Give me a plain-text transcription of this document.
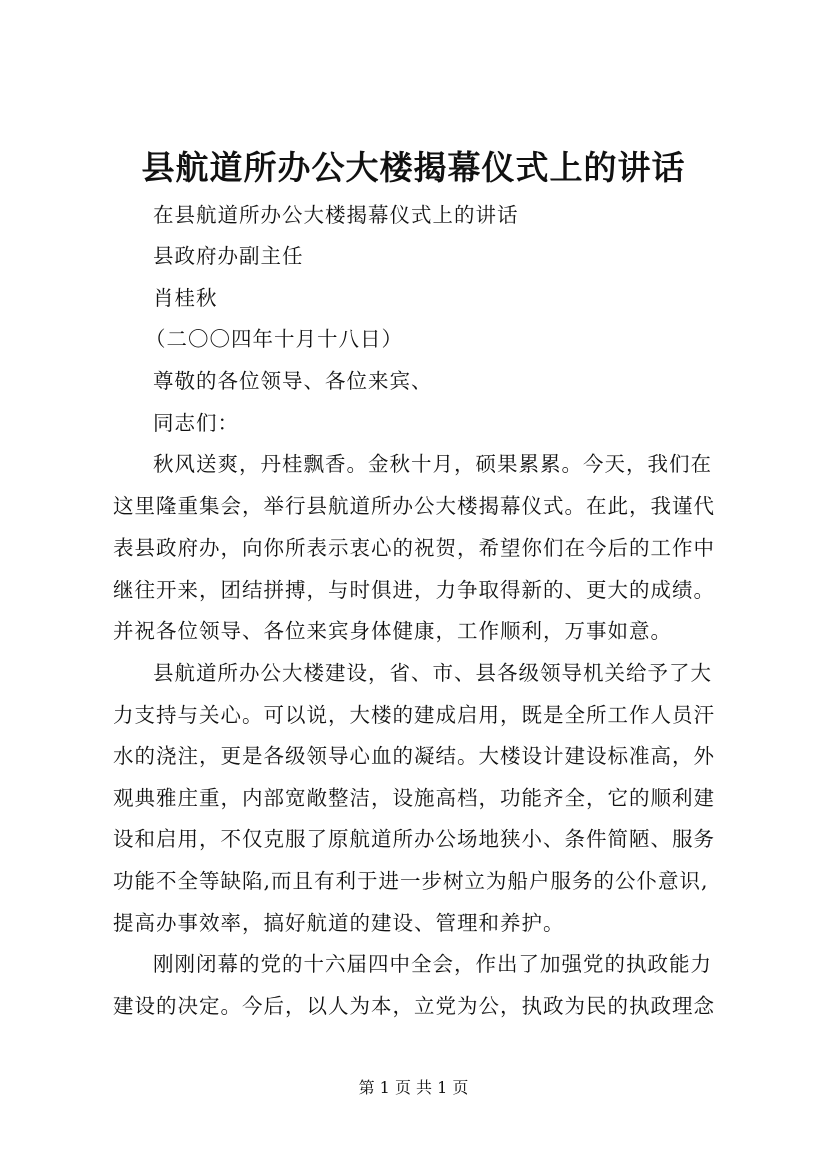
县航道所办公大楼揭幕仪式上的讲话
在县航道所办公大楼揭幕仪式上的讲话
县政府办副主任
肖桂秋
（二〇〇四年十月十八日）
尊敬的各位领导、各位来宾、
同志们：
秋风送爽，丹桂飘香。金秋十月，硕果累累。今天，我们在
这里隆重集会，举行县航道所办公大楼揭幕仪式。在此，我谨代
表县政府办，向你所表示衷心的祝贺，希望你们在今后的工作中
继往开来，团结拼搏，与时俱进，力争取得新的、更大的成绩。
并祝各位领导、各位来宾身体健康，工作顺利，万事如意。
县航道所办公大楼建设，省、市、县各级领导机关给予了大
力支持与关心。可以说，大楼的建成启用，既是全所工作人员汗
水的浇注，更是各级领导心血的凝结。大楼设计建设标准高，外
观典雅庄重，内部宽敞整洁，设施高档，功能齐全，它的顺利建
设和启用，不仅克服了原航道所办公场地狭小、条件简陋、服务
功能不全等缺陷,而且有利于进一步树立为船户服务的公仆意识,
提高办事效率，搞好航道的建设、管理和养护。
刚刚闭幕的党的十六届四中全会，作出了加强党的执政能力
建设的决定。今后，以人为本，立党为公，执政为民的执政理念
第 1 页 共 1 页
